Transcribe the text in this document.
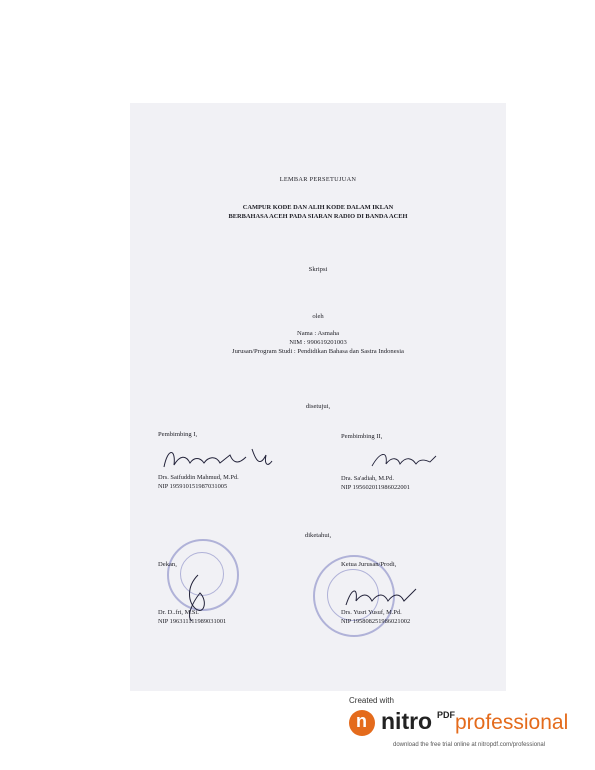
LEMBAR PERSETUJUAN
CAMPUR KODE DAN ALIH KODE DALAM IKLAN
BERBAHASA ACEH PADA SIARAN RADIO DI BANDA ACEH
Skripsi
oleh
Nama : Asmaha
NIM : 990619201003
Jurusan/Program Studi : Pendidikan Bahasa dan Sastra Indonesia
disetujui,
Pembimbing I,
Drs. Saifuddin Mahmud, M.Pd.
NIP 195910151987031005
Pembimbing II,
Dra. Sa'adiah, M.Pd.
NIP 195602011986022001
diketahui,
Dekan,
Dr. D..fri, M.Si.
NIP 196311111989031001
Ketua Jurusan/Prodi,
Drs. Yusri Yusuf, M.Pd.
NIP 195808251986021002
Created with
n nitro PDF professional
download the free trial online at nitropdf.com/professional
